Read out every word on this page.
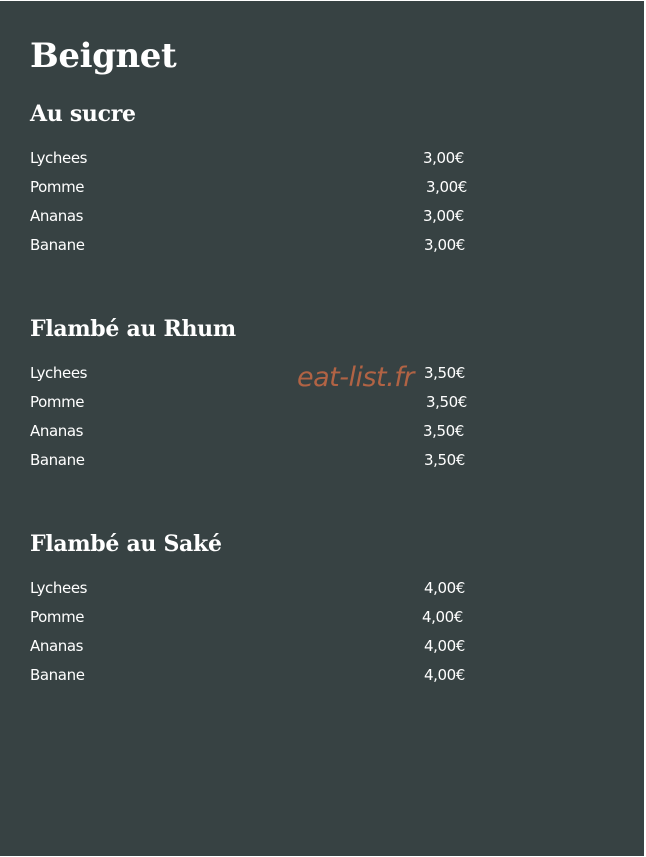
Beignet
Au sucre
Lychees	3,00€
Pomme	3,00€
Ananas	3,00€
Banane	3,00€
Flambé au Rhum
Lychees	3,50€
Pomme	3,50€
Ananas	3,50€
Banane	3,50€
Flambé au Saké
Lychees	4,00€
Pomme	4,00€
Ananas	4,00€
Banane	4,00€
eat-list.fr
